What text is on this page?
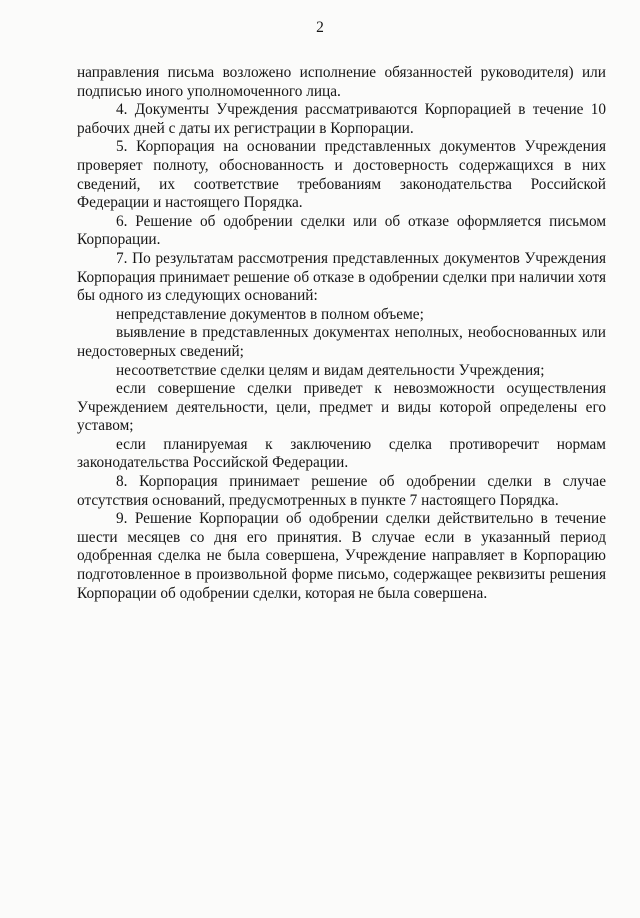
2

направления письма возложено исполнение обязанностей руководителя) или подписью иного уполномоченного лица.

4. Документы Учреждения рассматриваются Корпорацией в течение 10 рабочих дней с даты их регистрации в Корпорации.

5. Корпорация на основании представленных документов Учреждения проверяет полноту, обоснованность и достоверность содержащихся в них сведений, их соответствие требованиям законодательства Российской Федерации и настоящего Порядка.

6. Решение об одобрении сделки или об отказе оформляется письмом Корпорации.

7. По результатам рассмотрения представленных документов Учреждения Корпорация принимает решение об отказе в одобрении сделки при наличии хотя бы одного из следующих оснований:

непредставление документов в полном объеме;

выявление в представленных документах неполных, необоснованных или недостоверных сведений;

несоответствие сделки целям и видам деятельности Учреждения;

если совершение сделки приведет к невозможности осуществления Учреждением деятельности, цели, предмет и виды которой определены его уставом;

если планируемая к заключению сделка противоречит нормам законодательства Российской Федерации.

8. Корпорация принимает решение об одобрении сделки в случае отсутствия оснований, предусмотренных в пункте 7 настоящего Порядка.

9. Решение Корпорации об одобрении сделки действительно в течение шести месяцев со дня его принятия. В случае если в указанный период одобренная сделка не была совершена, Учреждение направляет в Корпорацию подготовленное в произвольной форме письмо, содержащее реквизиты решения Корпорации об одобрении сделки, которая не была совершена.
